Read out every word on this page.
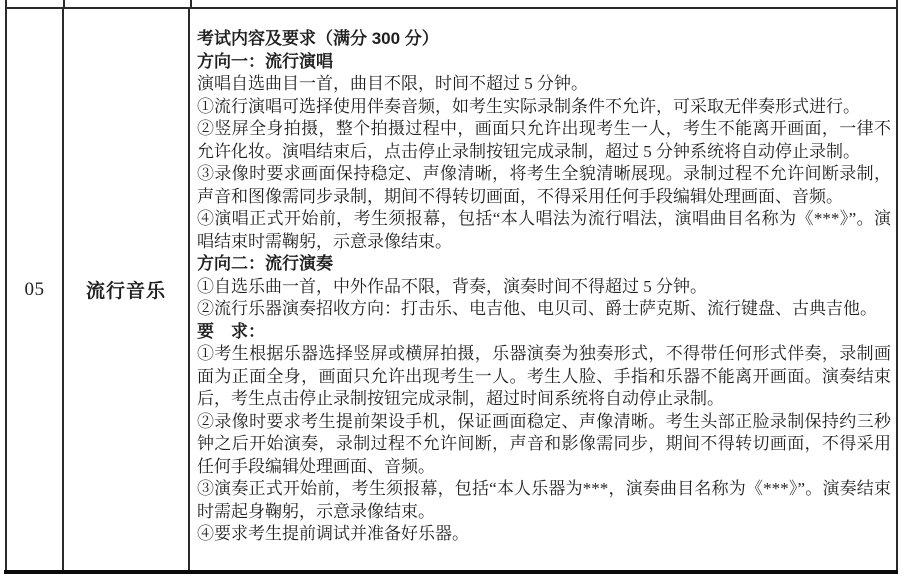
05 流行音乐
考试内容及要求（满分 300 分）
方向一：流行演唱
演唱自选曲目一首，曲目不限，时间不超过 5 分钟。
①流行演唱可选择使用伴奏音频，如考生实际录制条件不允许，可采取无伴奏形式进行。
②竖屏全身拍摄，整个拍摄过程中，画面只允许出现考生一人，考生不能离开画面，一律不允许化妆。演唱结束后，点击停止录制按钮完成录制，超过 5 分钟系统将自动停止录制。
③录像时要求画面保持稳定、声像清晰，将考生全貌清晰展现。录制过程不允许间断录制，声音和图像需同步录制，期间不得转切画面，不得采用任何手段编辑处理画面、音频。
④演唱正式开始前，考生须报幕，包括“本人唱法为流行唱法，演唱曲目名称为《***》”。演唱结束时需鞠躬，示意录像结束。
方向二：流行演奏
①自选乐曲一首，中外作品不限，背奏，演奏时间不得超过 5 分钟。
②流行乐器演奏招收方向：打击乐、电吉他、电贝司、爵士萨克斯、流行键盘、古典吉他。
要　求：
①考生根据乐器选择竖屏或横屏拍摄，乐器演奏为独奏形式，不得带任何形式伴奏，录制画面为正面全身，画面只允许出现考生一人。考生人脸、手指和乐器不能离开画面。演奏结束后，考生点击停止录制按钮完成录制，超过时间系统将自动停止录制。
②录像时要求考生提前架设手机，保证画面稳定、声像清晰。考生头部正脸录制保持约三秒钟之后开始演奏，录制过程不允许间断，声音和影像需同步，期间不得转切画面，不得采用任何手段编辑处理画面、音频。
③演奏正式开始前，考生须报幕，包括“本人乐器为***，演奏曲目名称为《***》”。演奏结束时需起身鞠躬，示意录像结束。
④要求考生提前调试并准备好乐器。
